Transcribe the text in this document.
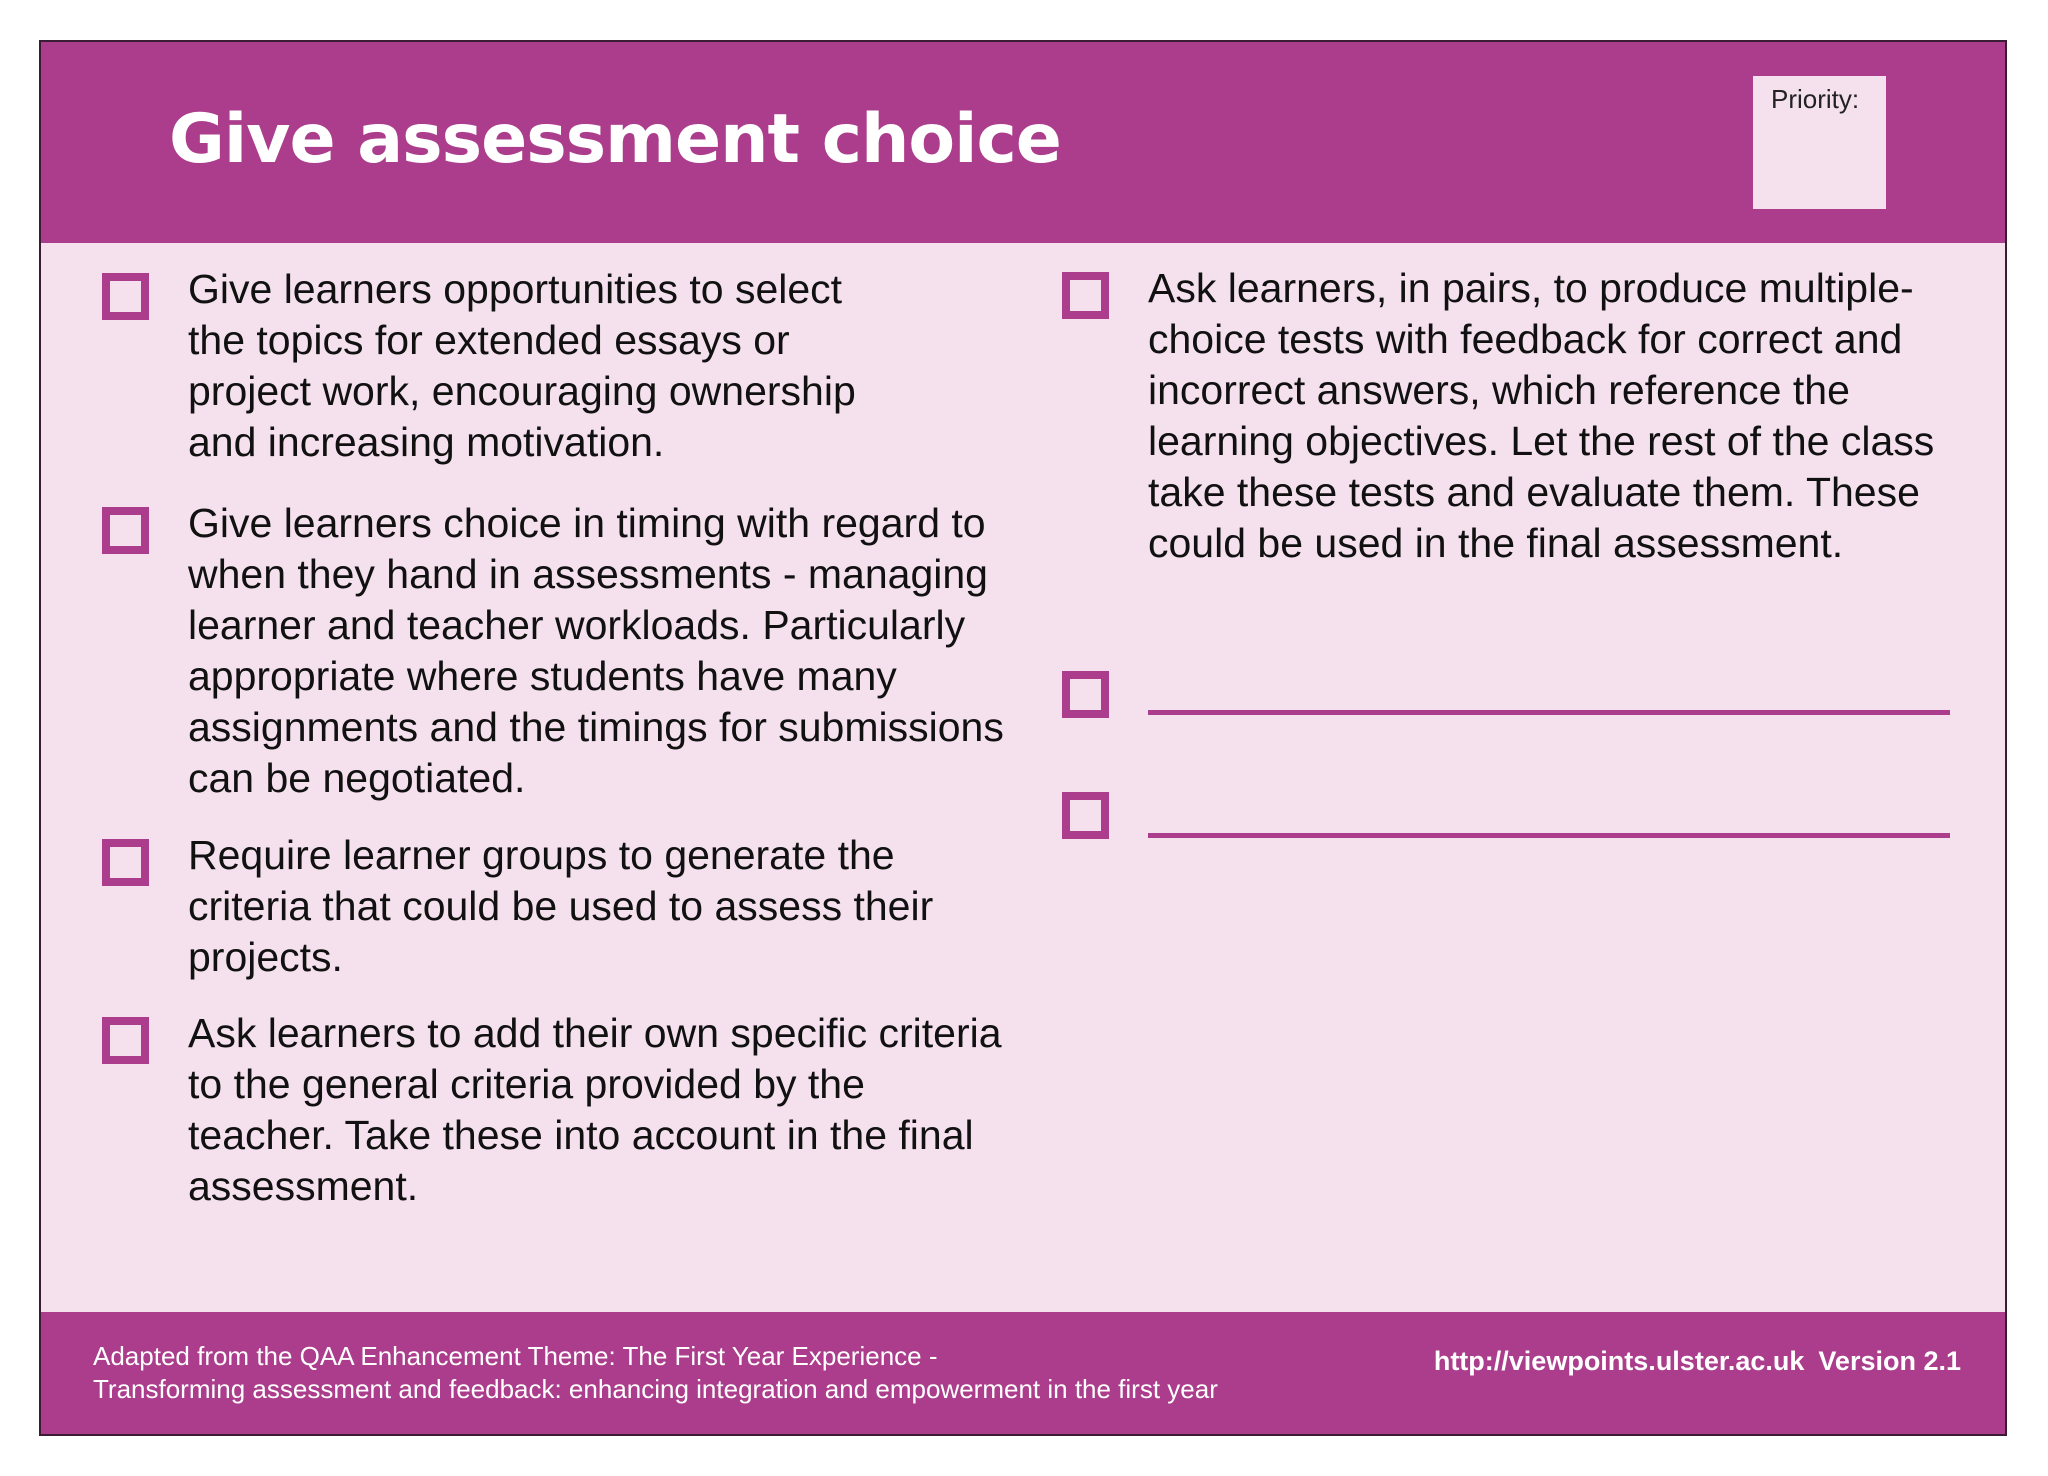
Give assessment choice
Priority:
Give learners opportunities to select the topics for extended essays or project work, encouraging ownership and increasing motivation.
Give learners choice in timing with regard to when they hand in assessments - managing learner and teacher workloads. Particularly appropriate where students have many assignments and the timings for submissions can be negotiated.
Require learner groups to generate the criteria that could be used to assess their projects.
Ask learners to add their own specific criteria to the general criteria provided by the teacher. Take these into account in the final assessment.
Ask learners, in pairs, to produce multiple-choice tests with feedback for correct and incorrect answers, which reference the learning objectives. Let the rest of the class take these tests and evaluate them. These could be used in the final assessment.
Adapted from the QAA Enhancement Theme: The First Year Experience -
Transforming assessment and feedback: enhancing integration and empowerment in the first year
http://viewpoints.ulster.ac.uk Version 2.1
